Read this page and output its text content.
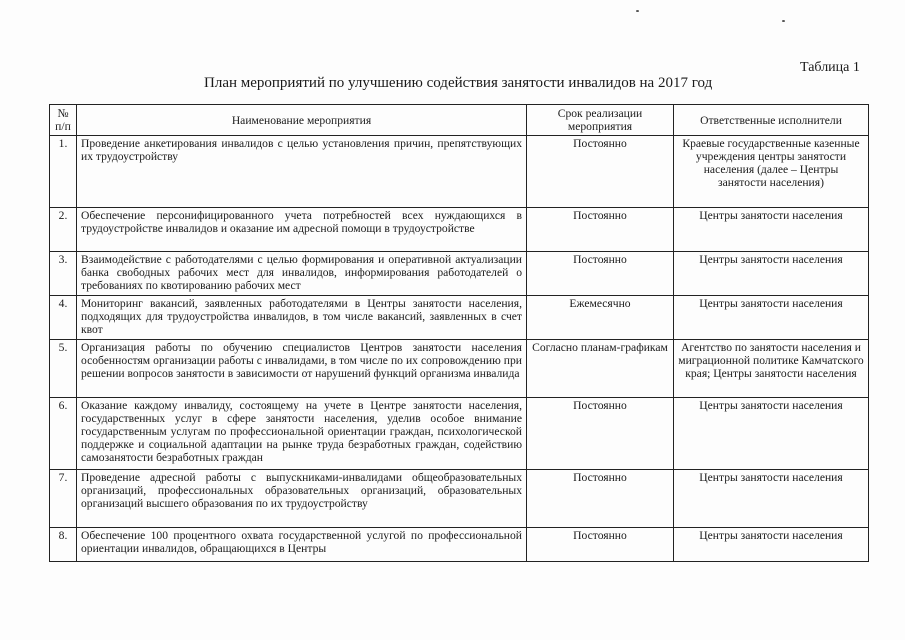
Таблица 1
План мероприятий по улучшению содействия занятости инвалидов на 2017 год
№ п/п	Наименование мероприятия	Срок реализации мероприятия	Ответственные исполнители
1.	Проведение анкетирования инвалидов с целью установления причин, препятствующих их трудоустройству	Постоянно	Краевые государственные казенные учреждения центры занятости населения (далее – Центры занятости населения)
2.	Обеспечение персонифицированного учета потребностей всех нуждающихся в трудоустройстве инвалидов и оказание им адресной помощи в трудоустройстве	Постоянно	Центры занятости населения
3.	Взаимодействие с работодателями с целью формирования и оперативной актуализации банка свободных рабочих мест для инвалидов, информирования работодателей о требованиях по квотированию рабочих мест	Постоянно	Центры занятости населения
4.	Мониторинг вакансий, заявленных работодателями в Центры занятости населения, подходящих для трудоустройства инвалидов, в том числе вакансий, заявленных в счет квот	Ежемесячно	Центры занятости населения
5.	Организация работы по обучению специалистов Центров занятости населения особенностям организации работы с инвалидами, в том числе по их сопровождению при решении вопросов занятости в зависимости от нарушений функций организма инвалида	Согласно планам-графикам	Агентство по занятости населения и миграционной политике Камчатского края; Центры занятости населения
6.	Оказание каждому инвалиду, состоящему на учете в Центре занятости населения, государственных услуг в сфере занятости населения, уделив особое внимание государственным услугам по профессиональной ориентации граждан, психологической поддержке и социальной адаптации на рынке труда безработных граждан, содействию самозанятости безработных граждан	Постоянно	Центры занятости населения
7.	Проведение адресной работы с выпускниками-инвалидами общеобразовательных организаций, профессиональных образовательных организаций, образовательных организаций высшего образования по их трудоустройству	Постоянно	Центры занятости населения
8.	Обеспечение 100 процентного охвата государственной услугой по профессиональной ориентации инвалидов, обращающихся в Центры	Постоянно	Центры занятости населения
